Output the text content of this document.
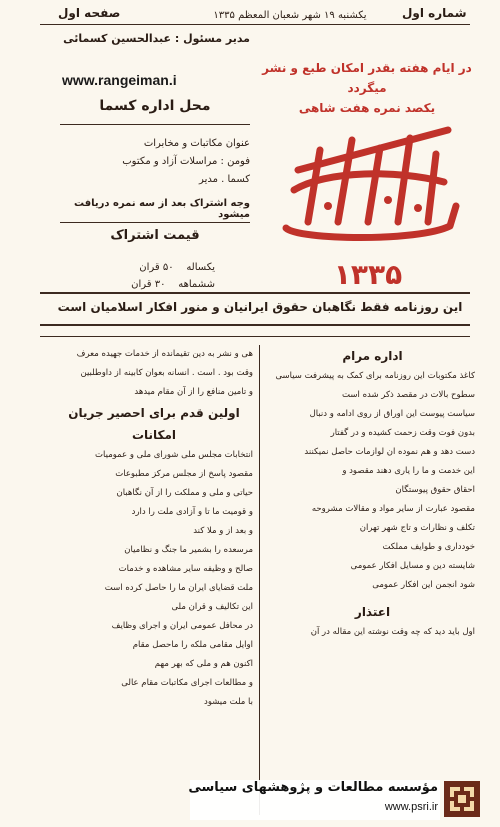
شماره اول
یکشنبه ۱۹ شهر شعبان المعظم ۱۳۳۵
صفحه اول
مدیر مسئول : عبدالحسین کسمائی
www.rangeiman.i
محل اداره کسما
عنوان مکاتبات و مخابرات
فومن : مراسلات آزاد و مکتوب
کسما . مدیر
وجه اشتراک بعد از سه نمره دریافت میشود
قیمت اشتراک
یکساله    ۵۰ قران
ششماهه    ۳۰ قران
در ایام هفته بقدر امکان طبع و نشر میگردد
یکصد نمره هفت شاهی
۱۳۳۵
این روزنامه فقط نگاهبان حقوق ایرانیان و منور افکار اسلامیان است
اداره مرام
کاغذ مکتوبات این روزنامه برای کمک به پیشرفت سیاسی
سطوح بالات در مقصد ذکر شده است
سیاست پیوست این اوراق از روی ادامه و دنبال
بدون فوت وقت زحمت کشیده و در گفتار
دست دهد و هم نموده ان لوازمات حاصل نمیکنند
این خدمت و ما را یاری دهند مقصود و
احقاق حقوق پیوستگان
مقصود عبارت از سایر مواد و مقالات مشروحه
تکلف و نظارات و تاج شهر تهران
خودداری و طوایف مملکت
شایسته دین و مسایل افکار عمومی
شود انجمن این افکار عمومی
اعتذار
اول باید دید که چه وقت نوشته این مقاله در آن
هی و نشر به دین تقیمانده از خدمات جهیده معرف
وقت بود . است . انسانه بعوان کابینه از داوطلبین
و تامین منافع را از آن مقام میدهد
اولین قدم برای احصیر جریان امکانات
انتخابات مجلس ملی شورای ملی و عمومیات
مقصود پاسخ از مجلس مرکز مطبوعات
حیاتی و ملی و مملکت را از آن نگاهبان
و قومیت ما تا و آزادی ملت را دارد
و بعد از و ملا کند
مرسعده را بشمیر ما جنگ و نظامیان
صالح و وظیفه سایر مشاهده و خدمات
ملت قضایای ایران ما را حاصل کرده است
این تکالیف و قران ملی
در محافل عمومی ایران و اجرای وظایف
اوایل مقامی ملکه را ماحصل مقام
اکنون هم و ملی که بهر مهم
و مطالعات اجرای مکاتبات مقام عالی
با ملت میشود
مؤسسه مطالعات و پژوهشهای سیاسی
www.psri.ir
